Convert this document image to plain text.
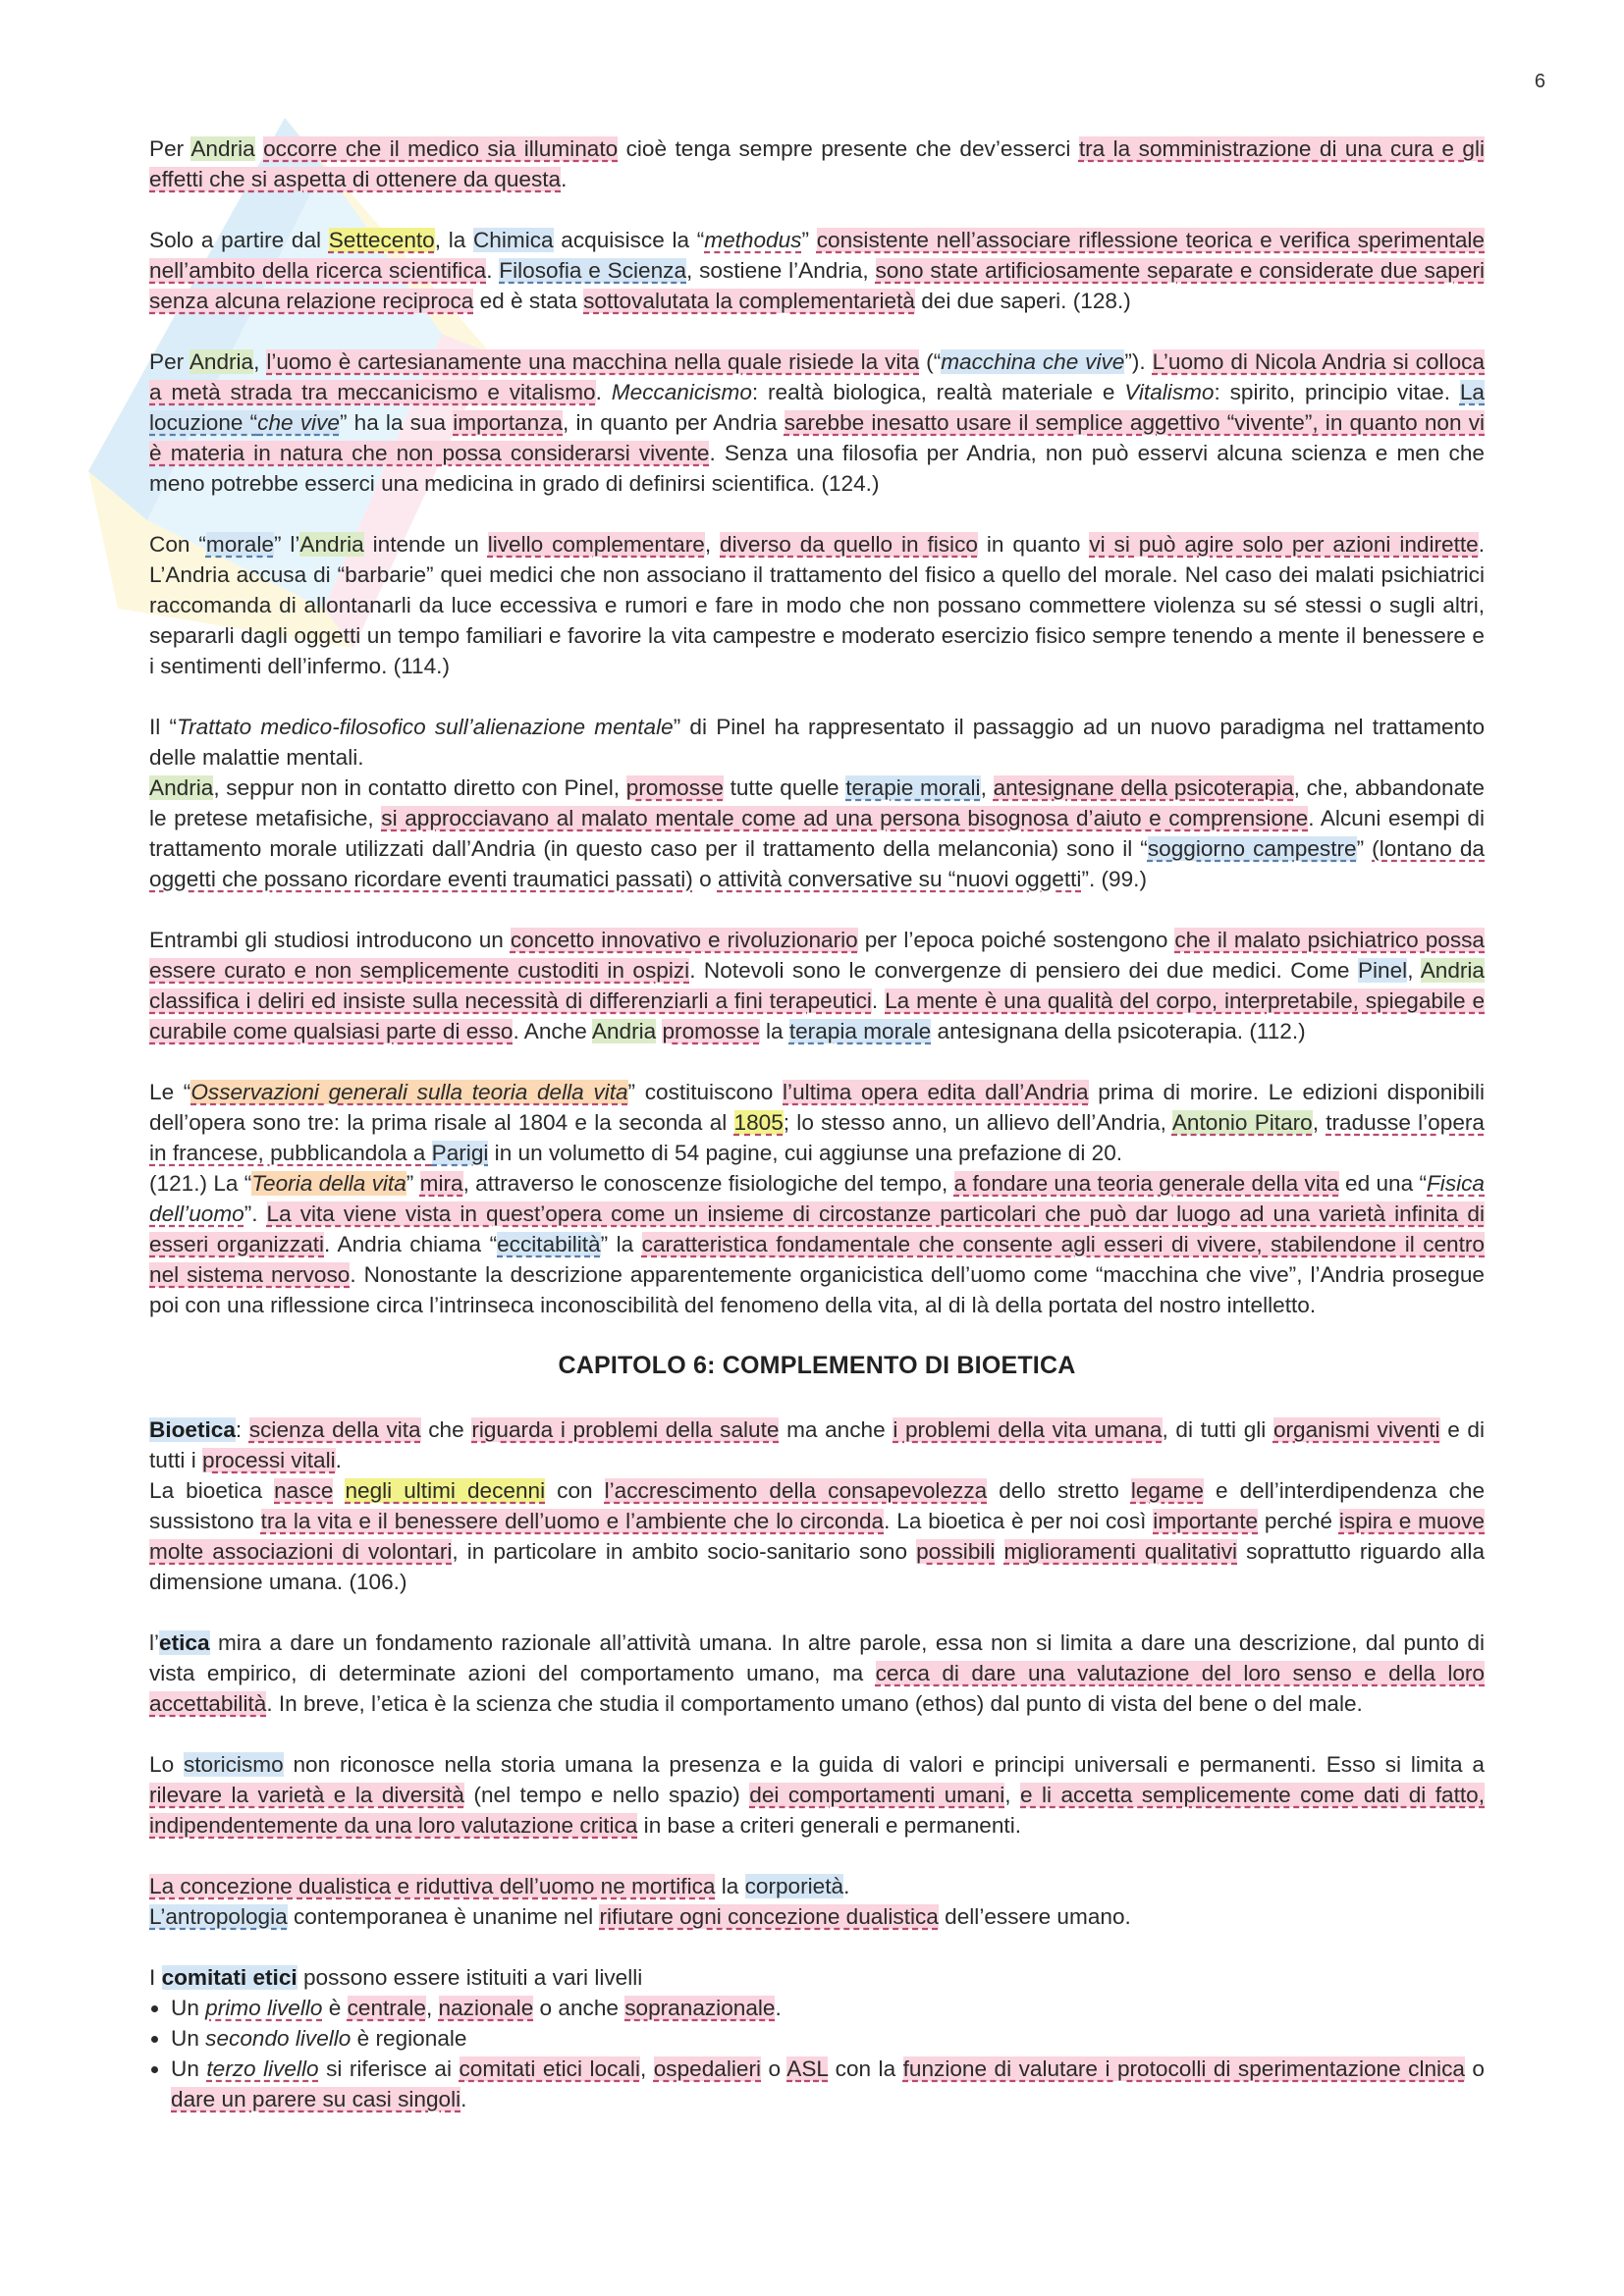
6

Per Andria occorre che il medico sia illuminato cioè tenga sempre presente che dev’esserci tra la somministrazione di una cura e gli effetti che si aspetta di ottenere da questa.

Solo a partire dal Settecento, la Chimica acquisisce la “methodus” consistente nell’associare riflessione teorica e verifica sperimentale nell’ambito della ricerca scientifica. Filosofia e Scienza, sostiene l’Andria, sono state artificiosamente separate e considerate due saperi senza alcuna relazione reciproca ed è stata sottovalutata la complementarietà dei due saperi. (128.)

Per Andria, l’uomo è cartesianamente una macchina nella quale risiede la vita (“macchina che vive”). L’uomo di Nicola Andria si colloca a metà strada tra meccanicismo e vitalismo. Meccanicismo: realtà biologica, realtà materiale e Vitalismo: spirito, principio vitae. La locuzione “che vive” ha la sua importanza, in quanto per Andria sarebbe inesatto usare il semplice aggettivo “vivente”, in quanto non vi è materia in natura che non possa considerarsi vivente. Senza una filosofia per Andria, non può esservi alcuna scienza e men che meno potrebbe esserci una medicina in grado di definirsi scientifica. (124.)

Con “morale” l’Andria intende un livello complementare, diverso da quello in fisico in quanto vi si può agire solo per azioni indirette. L’Andria accusa di “barbarie” quei medici che non associano il trattamento del fisico a quello del morale. Nel caso dei malati psichiatrici raccomanda di allontanarli da luce eccessiva e rumori e fare in modo che non possano commettere violenza su sé stessi o sugli altri, separarli dagli oggetti un tempo familiari e favorire la vita campestre e moderato esercizio fisico sempre tenendo a mente il benessere e i sentimenti dell’infermo. (114.)

Il “Trattato medico-filosofico sull’alienazione mentale” di Pinel ha rappresentato il passaggio ad un nuovo paradigma nel trattamento delle malattie mentali.

Andria, seppur non in contatto diretto con Pinel, promosse tutte quelle terapie morali, antesignane della psicoterapia, che, abbandonate le pretese metafisiche, si approcciavano al malato mentale come ad una persona bisognosa d’aiuto e comprensione. Alcuni esempi di trattamento morale utilizzati dall’Andria (in questo caso per il trattamento della melanconia) sono il “soggiorno campestre” (lontano da oggetti che possano ricordare eventi traumatici passati) o attività conversative su “nuovi oggetti”. (99.)

Entrambi gli studiosi introducono un concetto innovativo e rivoluzionario per l’epoca poiché sostengono che il malato psichiatrico possa essere curato e non semplicemente custoditi in ospizi. Notevoli sono le convergenze di pensiero dei due medici. Come Pinel, Andria classifica i deliri ed insiste sulla necessità di differenziarli a fini terapeutici. La mente è una qualità del corpo, interpretabile, spiegabile e curabile come qualsiasi parte di esso. Anche Andria promosse la terapia morale antesignana della psicoterapia. (112.)

Le “Osservazioni generali sulla teoria della vita” costituiscono l’ultima opera edita dall’Andria prima di morire. Le edizioni disponibili dell’opera sono tre: la prima risale al 1804 e la seconda al 1805; lo stesso anno, un allievo dell’Andria, Antonio Pitaro, tradusse l’opera in francese, pubblicandola a Parigi in un volumetto di 54 pagine, cui aggiunse una prefazione di 20.

(121.) La “Teoria della vita” mira, attraverso le conoscenze fisiologiche del tempo, a fondare una teoria generale della vita ed una “Fisica dell’uomo”. La vita viene vista in quest’opera come un insieme di circostanze particolari che può dar luogo ad una varietà infinita di esseri organizzati. Andria chiama “eccitabilità” la caratteristica fondamentale che consente agli esseri di vivere, stabilendone il centro nel sistema nervoso. Nonostante la descrizione apparentemente organicistica dell’uomo come “macchina che vive”, l’Andria prosegue poi con una riflessione circa l’intrinseca inconoscibilità del fenomeno della vita, al di là della portata del nostro intelletto.

CAPITOLO 6: COMPLEMENTO DI BIOETICA

Bioetica: scienza della vita che riguarda i problemi della salute ma anche i problemi della vita umana, di tutti gli organismi viventi e di tutti i processi vitali.

La bioetica nasce negli ultimi decenni con l’accrescimento della consapevolezza dello stretto legame e dell’interdipendenza che sussistono tra la vita e il benessere dell’uomo e l’ambiente che lo circonda. La bioetica è per noi così importante perché ispira e muove molte associazioni di volontari, in particolare in ambito socio-sanitario sono possibili miglioramenti qualitativi soprattutto riguardo alla dimensione umana. (106.)

l’etica mira a dare un fondamento razionale all’attività umana. In altre parole, essa non si limita a dare una descrizione, dal punto di vista empirico, di determinate azioni del comportamento umano, ma cerca di dare una valutazione del loro senso e della loro accettabilità. In breve, l’etica è la scienza che studia il comportamento umano (ethos) dal punto di vista del bene o del male.

Lo storicismo non riconosce nella storia umana la presenza e la guida di valori e principi universali e permanenti. Esso si limita a rilevare la varietà e la diversità (nel tempo e nello spazio) dei comportamenti umani, e li accetta semplicemente come dati di fatto, indipendentemente da una loro valutazione critica in base a criteri generali e permanenti.

La concezione dualistica e riduttiva dell’uomo ne mortifica la corporietà.

L’antropologia contemporanea è unanime nel rifiutare ogni concezione dualistica dell’essere umano.

I comitati etici possono essere istituiti a vari livelli

• Un primo livello è centrale, nazionale o anche sopranazionale.
• Un secondo livello è regionale
• Un terzo livello si riferisce ai comitati etici locali, ospedalieri o ASL con la funzione di valutare i protocolli di sperimentazione clnica o dare un parere su casi singoli.
